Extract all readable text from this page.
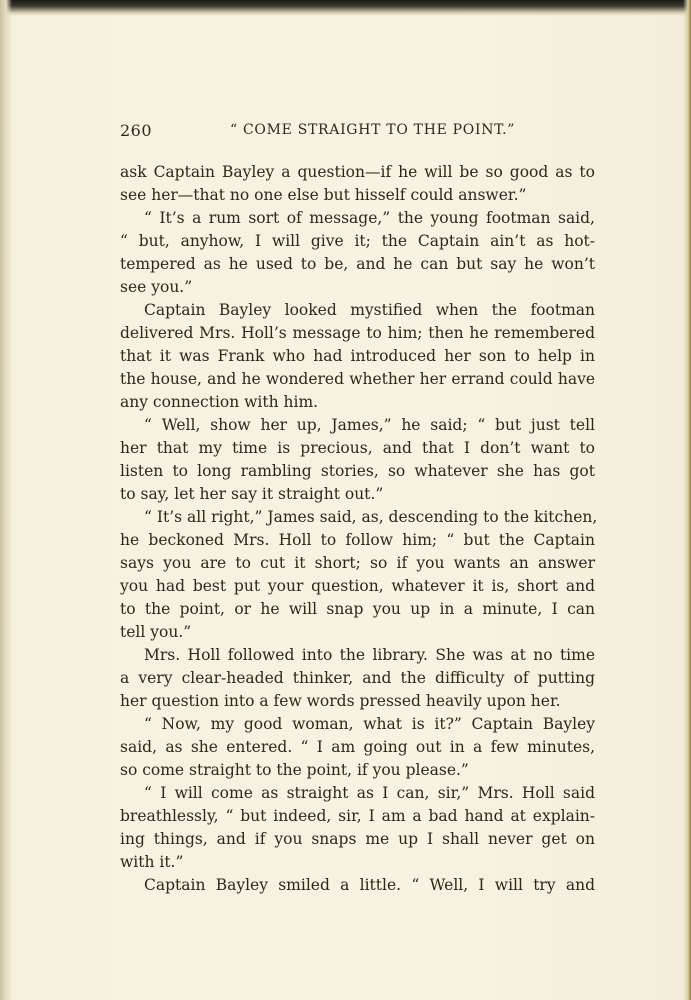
260	“ COME STRAIGHT TO THE POINT.”
ask Captain Bayley a question—if he will be so good as to
see her—that no one else but hisself could answer.”
“ It’s a rum sort of message,” the young footman said,
“ but, anyhow, I will give it; the Captain ain’t as hot-
tempered as he used to be, and he can but say he won’t
see you.”
Captain Bayley looked mystified when the footman
delivered Mrs. Holl’s message to him; then he remembered
that it was Frank who had introduced her son to help in
the house, and he wondered whether her errand could have
any connection with him.
“ Well, show her up, James,” he said; “ but just tell
her that my time is precious, and that I don’t want to
listen to long rambling stories, so whatever she has got
to say, let her say it straight out.”
“ It’s all right,” James said, as, descending to the kitchen,
he beckoned Mrs. Holl to follow him; “ but the Captain
says you are to cut it short; so if you wants an answer
you had best put your question, whatever it is, short and
to the point, or he will snap you up in a minute, I can
tell you.”
Mrs. Holl followed into the library. She was at no time
a very clear-headed thinker, and the difficulty of putting
her question into a few words pressed heavily upon her.
“ Now, my good woman, what is it?” Captain Bayley
said, as she entered. “ I am going out in a few minutes,
so come straight to the point, if you please.”
“ I will come as straight as I can, sir,” Mrs. Holl said
breathlessly, “ but indeed, sir, I am a bad hand at explain-
ing things, and if you snaps me up I shall never get on
with it.”
Captain Bayley smiled a little. “ Well, I will try and
